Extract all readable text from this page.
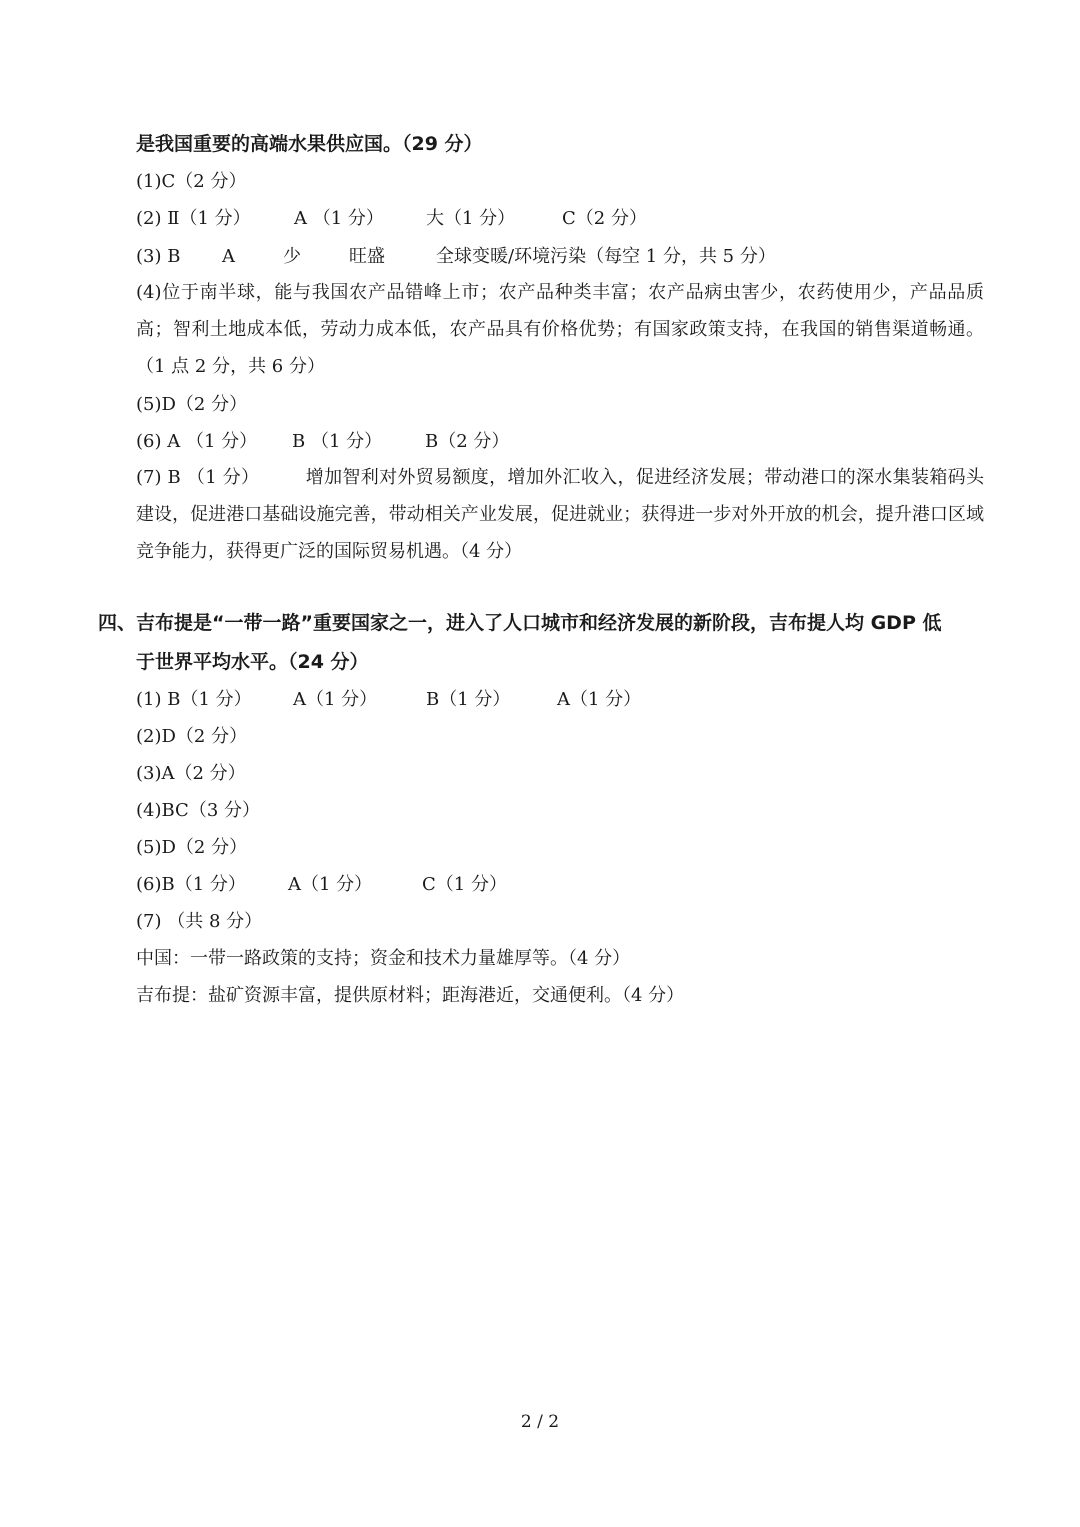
是我国重要的高端水果供应国。（29 分）
(1)C（2 分）
(2) Ⅱ（1 分） A （1 分） 大（1 分）	C（2 分）
(3) B A	少	旺盛	全球变暖/环境污染（每空 1 分，共 5 分）
(4)位于南半球，能与我国农产品错峰上市；农产品种类丰富；农产品病虫害少，农药使用少，产品品质高；智利土地成本低，劳动力成本低，农产品具有价格优势；有国家政策支持，在我国的销售渠道畅通。（1 点 2 分，共 6 分）
(5)D（2 分）
(6) A （1 分） B （1 分） B（2 分）
(7) B （1 分）	增加智利对外贸易额度，增加外汇收入，促进经济发展；带动港口的深水集装箱码头建设，促进港口基础设施完善，带动相关产业发展，促进就业；获得进一步对外开放的机会，提升港口区域竞争能力，获得更广泛的国际贸易机遇。（4 分）
四、吉布提是“一带一路”重要国家之一，进入了人口城市和经济发展的新阶段，吉布提人均 GDP 低
于世界平均水平。（24 分）
(1) B（1 分） A（1 分）	B（1 分）	A（1 分）
(2)D（2 分）
(3)A（2 分）
(4)BC（3 分）
(5)D（2 分）
(6)B（1 分） A（1 分）	C（1 分）
(7) （共 8 分）
中国：一带一路政策的支持；资金和技术力量雄厚等。（4 分）
吉布提：盐矿资源丰富，提供原材料；距海港近，交通便利。（4 分）
2 / 2
